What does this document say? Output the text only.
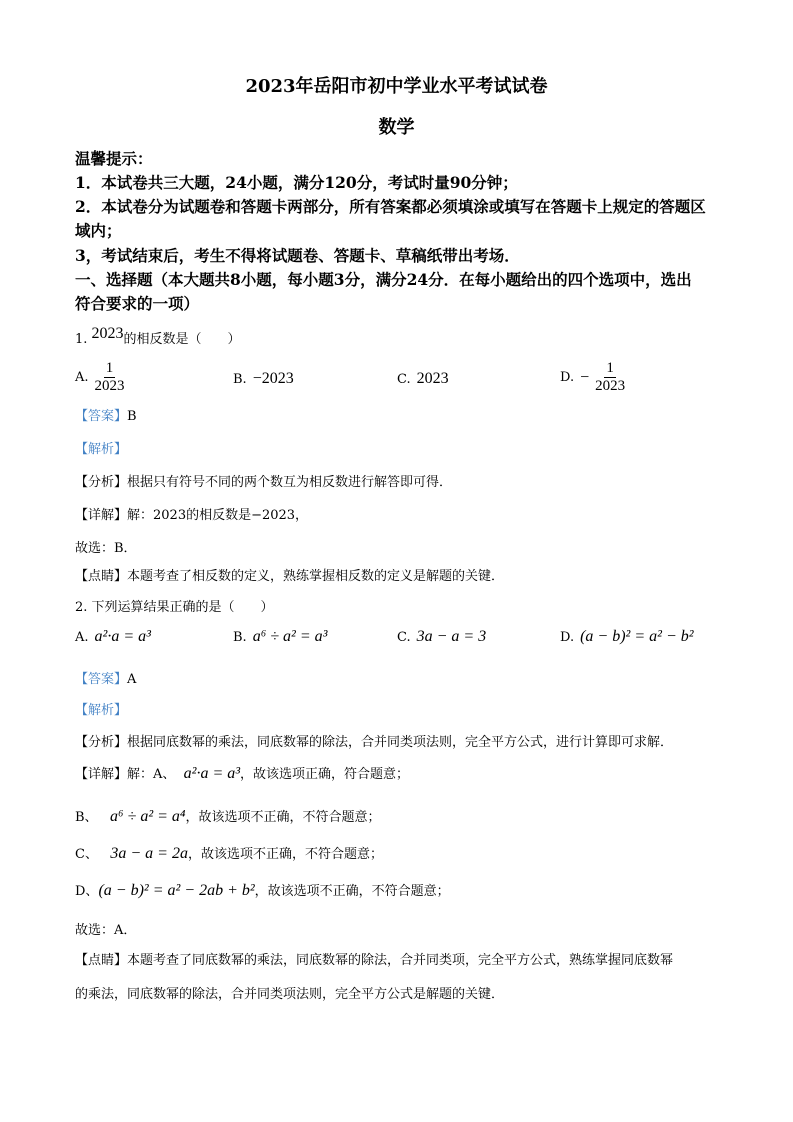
2023年岳阳市初中学业水平考试试卷
数学
温馨提示：
1．本试卷共三大题，24小题，满分120分，考试时量90分钟；
2．本试卷分为试题卷和答题卡两部分，所有答案都必须填涂或填写在答题卡上规定的答题区
域内；
3，考试结束后，考生不得将试题卷、答题卡、草稿纸带出考场．
一、选择题（本大题共8小题，每小题3分，满分24分．在每小题给出的四个选项中，选出
符合要求的一项）
1. 2023的相反数是（　　）
A. $\frac{1}{2023}$	B. −2023	C. 2023	D. − $\frac{1}{2023}$
【答案】B
【解析】
【分析】根据只有符号不同的两个数互为相反数进行解答即可得．
【详解】解：2023的相反数是−2023，
故选：B．
【点睛】本题考查了相反数的定义，熟练掌握相反数的定义是解题的关键．
2. 下列运算结果正确的是（　　）
A. a²·a = a³	B. a⁶ ÷ a² = a³	C. 3a − a = 3	D. (a − b)² = a² − b²
【答案】A
【解析】
【分析】根据同底数幂的乘法，同底数幂的除法，合并同类项法则，完全平方公式，进行计算即可求解．
【详解】解：A、 a²·a = a³，故该选项正确，符合题意；
B、 a⁶ ÷ a² = a⁴，故该选项不正确，不符合题意；
C、 3a − a = 2a，故该选项不正确，不符合题意；
D、(a − b)² = a² − 2ab + b²，故该选项不正确，不符合题意；
故选：A．
【点睛】本题考查了同底数幂的乘法，同底数幂的除法，合并同类项，完全平方公式，熟练掌握同底数幂
的乘法，同底数幂的除法，合并同类项法则，完全平方公式是解题的关键．
